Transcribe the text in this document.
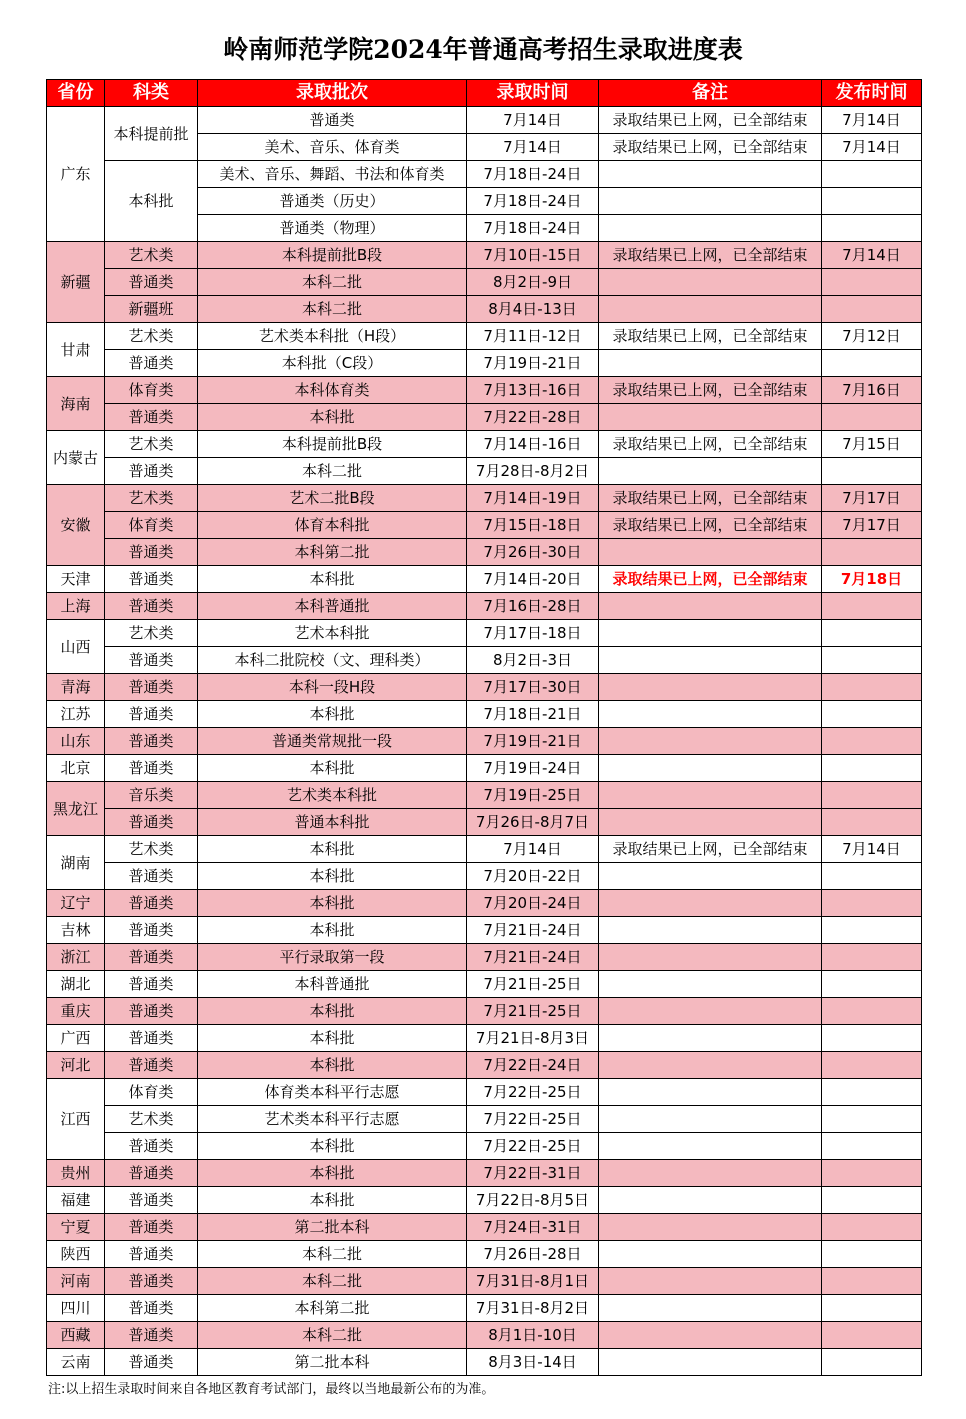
岭南师范学院2024年普通高考招生录取进度表
省份	科类	录取批次	录取时间	备注	发布时间
广东	本科提前批	普通类	7月14日	录取结果已上网，已全部结束	7月14日
		美术、音乐、体育类	7月14日	录取结果已上网，已全部结束	7月14日
	本科批	美术、音乐、舞蹈、书法和体育类	7月18日-24日		
		普通类（历史）	7月18日-24日		
		普通类（物理）	7月18日-24日		
新疆	艺术类	本科提前批B段	7月10日-15日	录取结果已上网，已全部结束	7月14日
	普通类	本科二批	8月2日-9日		
	新疆班	本科二批	8月4日-13日		
甘肃	艺术类	艺术类本科批（H段）	7月11日-12日	录取结果已上网，已全部结束	7月12日
	普通类	本科批（C段）	7月19日-21日		
海南	体育类	本科体育类	7月13日-16日	录取结果已上网，已全部结束	7月16日
	普通类	本科批	7月22日-28日		
内蒙古	艺术类	本科提前批B段	7月14日-16日	录取结果已上网，已全部结束	7月15日
	普通类	本科二批	7月28日-8月2日		
安徽	艺术类	艺术二批B段	7月14日-19日	录取结果已上网，已全部结束	7月17日
	体育类	体育本科批	7月15日-18日	录取结果已上网，已全部结束	7月17日
	普通类	本科第二批	7月26日-30日		
天津	普通类	本科批	7月14日-20日	录取结果已上网，已全部结束	7月18日
上海	普通类	本科普通批	7月16日-28日		
山西	艺术类	艺术本科批	7月17日-18日		
	普通类	本科二批院校（文、理科类）	8月2日-3日		
青海	普通类	本科一段H段	7月17日-30日		
江苏	普通类	本科批	7月18日-21日		
山东	普通类	普通类常规批一段	7月19日-21日		
北京	普通类	本科批	7月19日-24日		
黑龙江	音乐类	艺术类本科批	7月19日-25日		
	普通类	普通本科批	7月26日-8月7日		
湖南	艺术类	本科批	7月14日	录取结果已上网，已全部结束	7月14日
	普通类	本科批	7月20日-22日		
辽宁	普通类	本科批	7月20日-24日		
吉林	普通类	本科批	7月21日-24日		
浙江	普通类	平行录取第一段	7月21日-24日		
湖北	普通类	本科普通批	7月21日-25日		
重庆	普通类	本科批	7月21日-25日		
广西	普通类	本科批	7月21日-8月3日		
河北	普通类	本科批	7月22日-24日		
江西	体育类	体育类本科平行志愿	7月22日-25日		
	艺术类	艺术类本科平行志愿	7月22日-25日		
	普通类	本科批	7月22日-25日		
贵州	普通类	本科批	7月22日-31日		
福建	普通类	本科批	7月22日-8月5日		
宁夏	普通类	第二批本科	7月24日-31日		
陕西	普通类	本科二批	7月26日-28日		
河南	普通类	本科二批	7月31日-8月1日		
四川	普通类	本科第二批	7月31日-8月2日		
西藏	普通类	本科二批	8月1日-10日		
云南	普通类	第二批本科	8月3日-14日		
注:以上招生录取时间来自各地区教育考试部门，最终以当地最新公布的为准。
